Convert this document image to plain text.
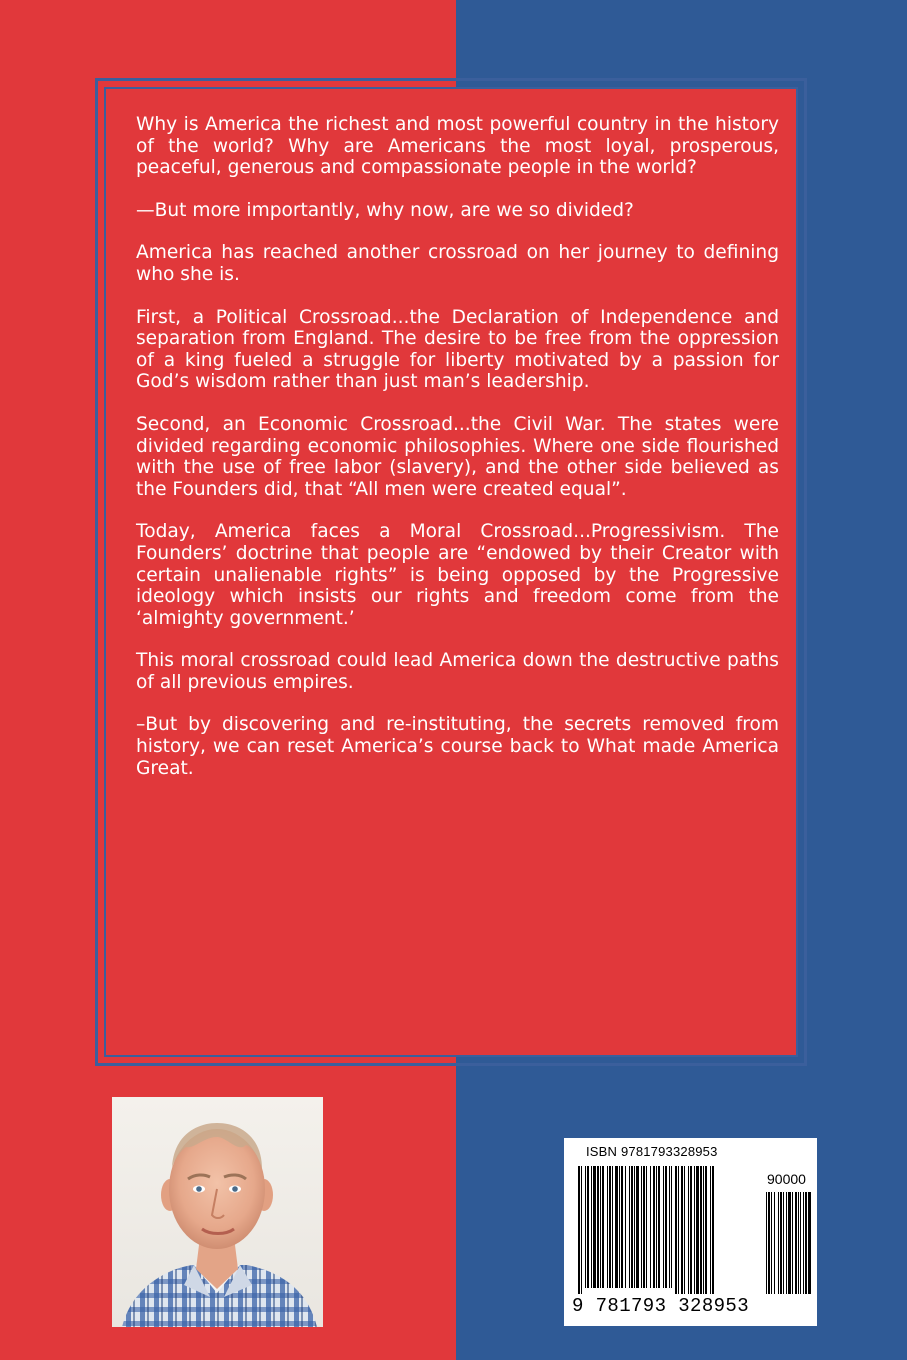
Why is America the richest and most powerful country in the history of the world? Why are Americans the most loyal, prosperous, peaceful, generous and compassionate people in the world?

—But more importantly, why now, are we so divided?

America has reached another crossroad on her journey to defining who she is.

First, a Political Crossroad...the Declaration of Independence and separation from England. The desire to be free from the oppression of a king fueled a struggle for liberty motivated by a passion for God’s wisdom rather than just man’s leadership.

Second, an Economic Crossroad...the Civil War. The states were divided regarding economic philosophies. Where one side flourished with the use of free labor (slavery), and the other side believed as the Founders did, that “All men were created equal”.

Today, America faces a Moral Crossroad...Progressivism. The Founders’ doctrine that people are “endowed by their Creator with certain unalienable rights” is being opposed by the Progressive ideology which insists our rights and freedom come from the ‘almighty government.’

This moral crossroad could lead America down the destructive paths of all previous empires.

–But by discovering and re-instituting, the secrets removed from history, we can reset America’s course back to What made America Great.

ISBN 9781793328953
90000
9 781793 328953
